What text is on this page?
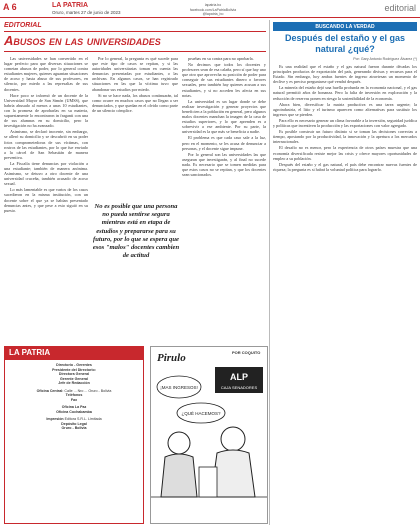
A 6	LA PATRIA
Oruro, martes 27 de junio de 2023
lapatria.bo
facebook.com/LaPatriaBolivia
@lapatria_bo
editorial
EDITORIAL
Abusos en las universidades

Las universidades se han convertido en el lugar perfecto para que diversas situaciones se cometan abusos de poder, por lo general contra estudiantes mujeres, quienes aguantan situaciones de acoso y hasta abuso de sus profesores, en silencio, por miedo a las represalias de sus docentes.

Hace poco se informó de un docente de la Universidad Mayor de San Simón (UMSS), que habría abusado al menos a unas 10 estudiantes, con la promesa de aprobarlas en su materia, supuestamente lo encontraron in fraganti con una de sus alumnas en su domicilio, pero la investigación no ha avanzado.

Asimismo, se declaró inocente, sin embargo, se alleró su domicilio y se descubrió en su poder fotos comprometedoras de sus víctimas, con rostros de las estudiantes, por lo que fue enviado a la cárcel de San Sebastián de manera preventiva.

La Fiscalía tiene denuncias por violación a una estudiante; también de manera anónima. Asimismo, se detuvo a otro docente de una universidad cruceña, también acusado de acoso sexual.

Lo más lamentable es que varios de los casos sucedieron en la misma institución, con un docente sobre el que ya se habían presentado denuncias antes, y que pese a esto siguió en su puesto.

Por lo general, la pregunta es qué sucede para que este tipo de casos se repitan, y si las autoridades universitarias toman en cuenta las denuncias presentadas por estudiantes, o las archivan. En algunos casos, se han registrado situaciones en las que la víctima tuvo que abandonar sus estudios por miedo.

Si no se hace nada, los abusos continuarán, tal como ocurre en muchos casos que no llegan a ser denunciados, y que quedan en el olvido como parte de un silencio cómplice.

No es posible que una persona no pueda sentirse segura mientras está en etapa de estudios y prepararse para su futuro, por lo que se espera que esos "malos" docentes cambien de actitud

pruebas en su contra para no aprobarla.

No decimos que todos los docentes y profesores sean de esa calaña, pero sí que hay uno que otro que aprovecha su posición de poder para conseguir de sus estudiantes dinero o favores sexuales, pero también hay quienes acusan a sus estudiantes, y si no acceden les afecta en sus notas.

La universidad es un lugar donde se debe realizar investigación y generar proyectos que beneficien a la población en general, pero algunos malos docentes manchan la imagen de la casa de estudios superiores, y lo que aprenden es a sobrevivir a ese ambiente. Por su parte, la universidad es la que más se beneficia a nadie.

El problema es que cada caso sale a la luz, pero en el momento, se les acusa de denunciar a personas, y el docente sigue impune.

Por lo general son las universidades las que aseguran que investigarán, y al final no sucede nada. Es necesario que se tomen medidas para que estos casos no se repitan, y que los docentes sean sancionados.

LA PATRIA
Directorio - Gerentes
Presidente del Directorio:
Directora General
Gerente General
Jefe de Redacción
Oficina Central: Calle ... Nro ... Oruro - Bolivia
Teléfonos
Fax
Oficina La Paz
Oficina Cochabamba
Impresión Editora S.R.L. Limitada
Depósito Legal
Oruro - Bolivia
Pirulo
ALP
CAJA SENADORES
¡MAS INGRESOS!
¿QUÉ HACEMOS?
POR COQUITO
BUSCANDO LA VERDAD
Después del estaño y el gas natural ¿qué?
Por: Gary Antonio Rodríguez Álvarez (*)

Es una realidad que el estaño y el gas natural fueron durante décadas los principales productos de exportación del país, generando divisas y recursos para el Estado. Sin embargo, hoy ambas fuentes de ingreso atraviesan un momento de declive y es preciso preguntarse qué vendrá después.

La minería del estaño dejó una huella profunda en la economía nacional, y el gas natural permitió años de bonanza. Pero la falta de inversión en exploración y la reducción de reservas ponen en riesgo la sostenibilidad de la economía.

Ahora bien, diversificar la matriz productiva es una tarea urgente; la agroindustria, el litio y el turismo aparecen como alternativas para sustituir los ingresos que se pierden.

Para ello es necesario generar un clima favorable a la inversión, seguridad jurídica y políticas que incentiven la producción y las exportaciones con valor agregado.

Es posible construir un futuro distinto si se toman las decisiones correctas a tiempo, apostando por la productividad, la innovación y la apertura a los mercados internacionales.

El desafío no es menor, pero la experiencia de otros países muestra que una economía diversificada resiste mejor las crisis y ofrece mayores oportunidades de empleo a su población.

Después del estaño y el gas natural, el país debe encontrar nuevas fuentes de riqueza; la pregunta es si habrá la voluntad política para lograrlo.
